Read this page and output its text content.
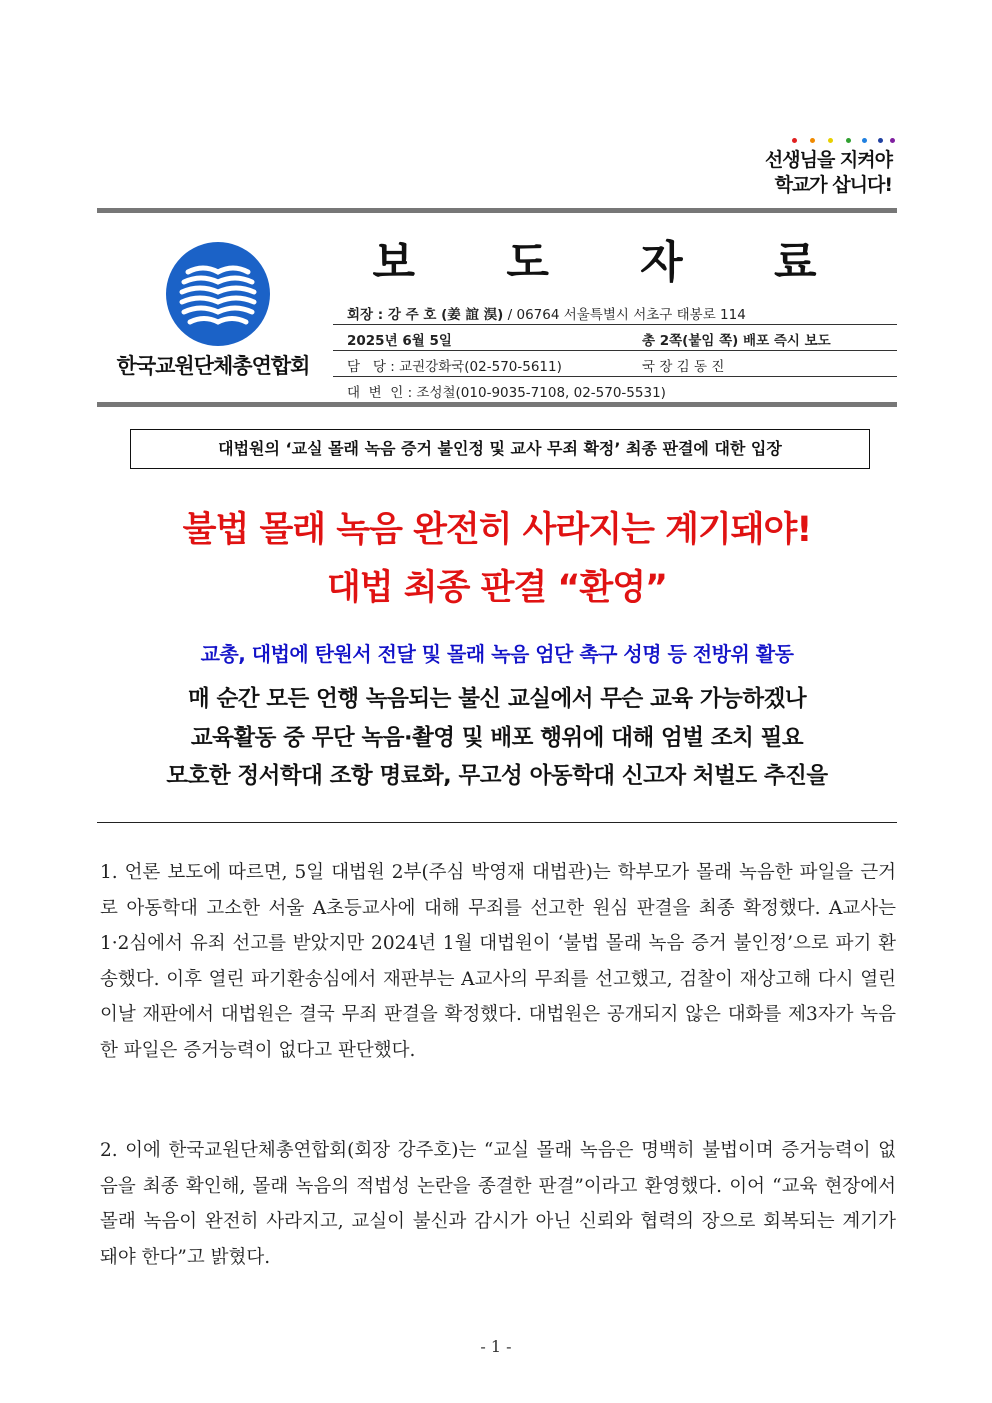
선생님을 지켜야
학교가 삽니다!
보 도 자 료
한국교원단체총연합회
회장 : 강 주 호 (姜 誼 淏) / 06764 서울특별시 서초구 태봉로 114
2025년 6월 5일	총 2쪽(붙임 쪽) 배포 즉시 보도
담   당 : 교권강화국(02-570-5611)	국 장 김 동 진
대  변  인 : 조성철(010-9035-7108, 02-570-5531)
대법원의 ‘교실 몰래 녹음 증거 불인정 및 교사 무죄 확정’ 최종 판결에 대한 입장
불법 몰래 녹음 완전히 사라지는 계기돼야!
대법 최종 판결 “환영”
교총, 대법에 탄원서 전달 및 몰래 녹음 엄단 촉구 성명 등 전방위 활동
매 순간 모든 언행 녹음되는 불신 교실에서 무슨 교육 가능하겠나
교육활동 중 무단 녹음·촬영 및 배포 행위에 대해 엄벌 조치 필요
모호한 정서학대 조항 명료화, 무고성 아동학대 신고자 처벌도 추진을
1. 언론 보도에 따르면, 5일 대법원 2부(주심 박영재 대법관)는 학부모가 몰래 녹음한 파일을 근거로 아동학대 고소한 서울 A초등교사에 대해 무죄를 선고한 원심 판결을 최종 확정했다. A교사는 1·2심에서 유죄 선고를 받았지만 2024년 1월 대법원이 ‘불법 몰래 녹음 증거 불인정’으로 파기 환송했다. 이후 열린 파기환송심에서 재판부는 A교사의 무죄를 선고했고, 검찰이 재상고해 다시 열린 이날 재판에서 대법원은 결국 무죄 판결을 확정했다. 대법원은 공개되지 않은 대화를 제3자가 녹음한 파일은 증거능력이 없다고 판단했다.
2. 이에 한국교원단체총연합회(회장 강주호)는 “교실 몰래 녹음은 명백히 불법이며 증거능력이 없음을 최종 확인해, 몰래 녹음의 적법성 논란을 종결한 판결”이라고 환영했다. 이어 “교육 현장에서 몰래 녹음이 완전히 사라지고, 교실이 불신과 감시가 아닌 신뢰와 협력의 장으로 회복되는 계기가 돼야 한다”고 밝혔다.
- 1 -
